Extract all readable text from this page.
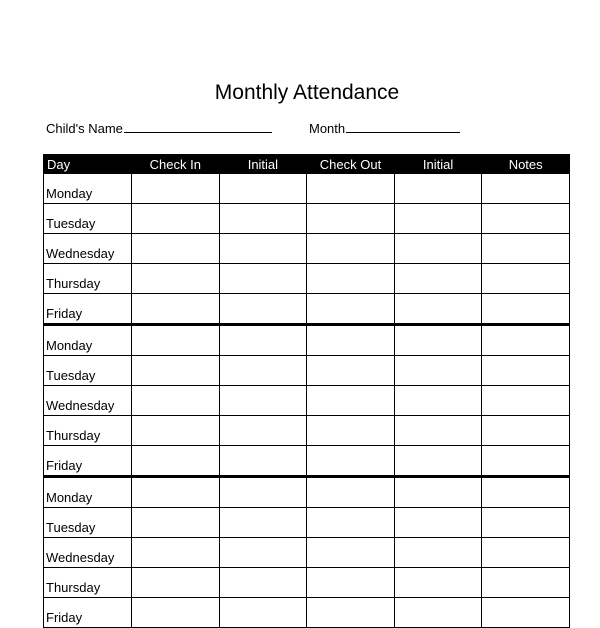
Monthly Attendance
Child's Name	Month
Day	Check In	Initial	Check Out	Initial	Notes
Monday					
Tuesday					
Wednesday					
Thursday					
Friday					
Monday					
Tuesday					
Wednesday					
Thursday					
Friday					
Monday					
Tuesday					
Wednesday					
Thursday					
Friday					
